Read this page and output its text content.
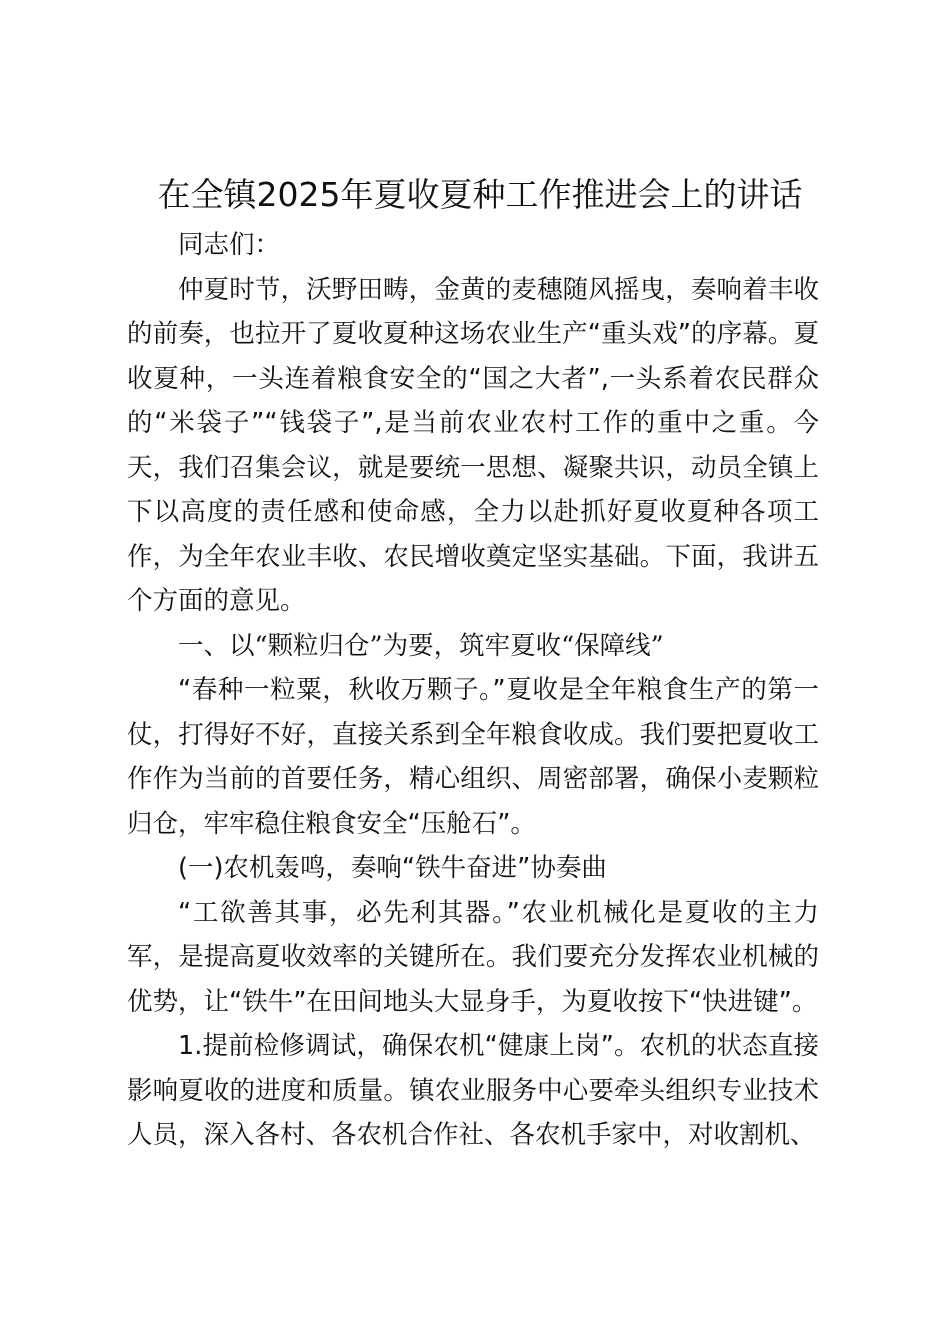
在全镇2025年夏收夏种工作推进会上的讲话

同志们：

仲夏时节，沃野田畴，金黄的麦穗随风摇曳，奏响着丰收的前奏，也拉开了夏收夏种这场农业生产“重头戏”的序幕。夏收夏种，一头连着粮食安全的“国之大者”,一头系着农民群众的“米袋子”“钱袋子”,是当前农业农村工作的重中之重。今天，我们召集会议，就是要统一思想、凝聚共识，动员全镇上下以高度的责任感和使命感，全力以赴抓好夏收夏种各项工作，为全年农业丰收、农民增收奠定坚实基础。下面，我讲五个方面的意见。

一、以“颗粒归仓”为要，筑牢夏收“保障线”

“春种一粒粟，秋收万颗子。”夏收是全年粮食生产的第一仗，打得好不好，直接关系到全年粮食收成。我们要把夏收工作作为当前的首要任务，精心组织、周密部署，确保小麦颗粒归仓，牢牢稳住粮食安全“压舱石”。

(一)农机轰鸣，奏响“铁牛奋进”协奏曲

“工欲善其事，必先利其器。”农业机械化是夏收的主力军，是提高夏收效率的关键所在。我们要充分发挥农业机械的优势，让“铁牛”在田间地头大显身手，为夏收按下“快进键”。

1.提前检修调试，确保农机“健康上岗”。农机的状态直接影响夏收的进度和质量。镇农业服务中心要牵头组织专业技术人员，深入各村、各农机合作社、各农机手家中，对收割机、
